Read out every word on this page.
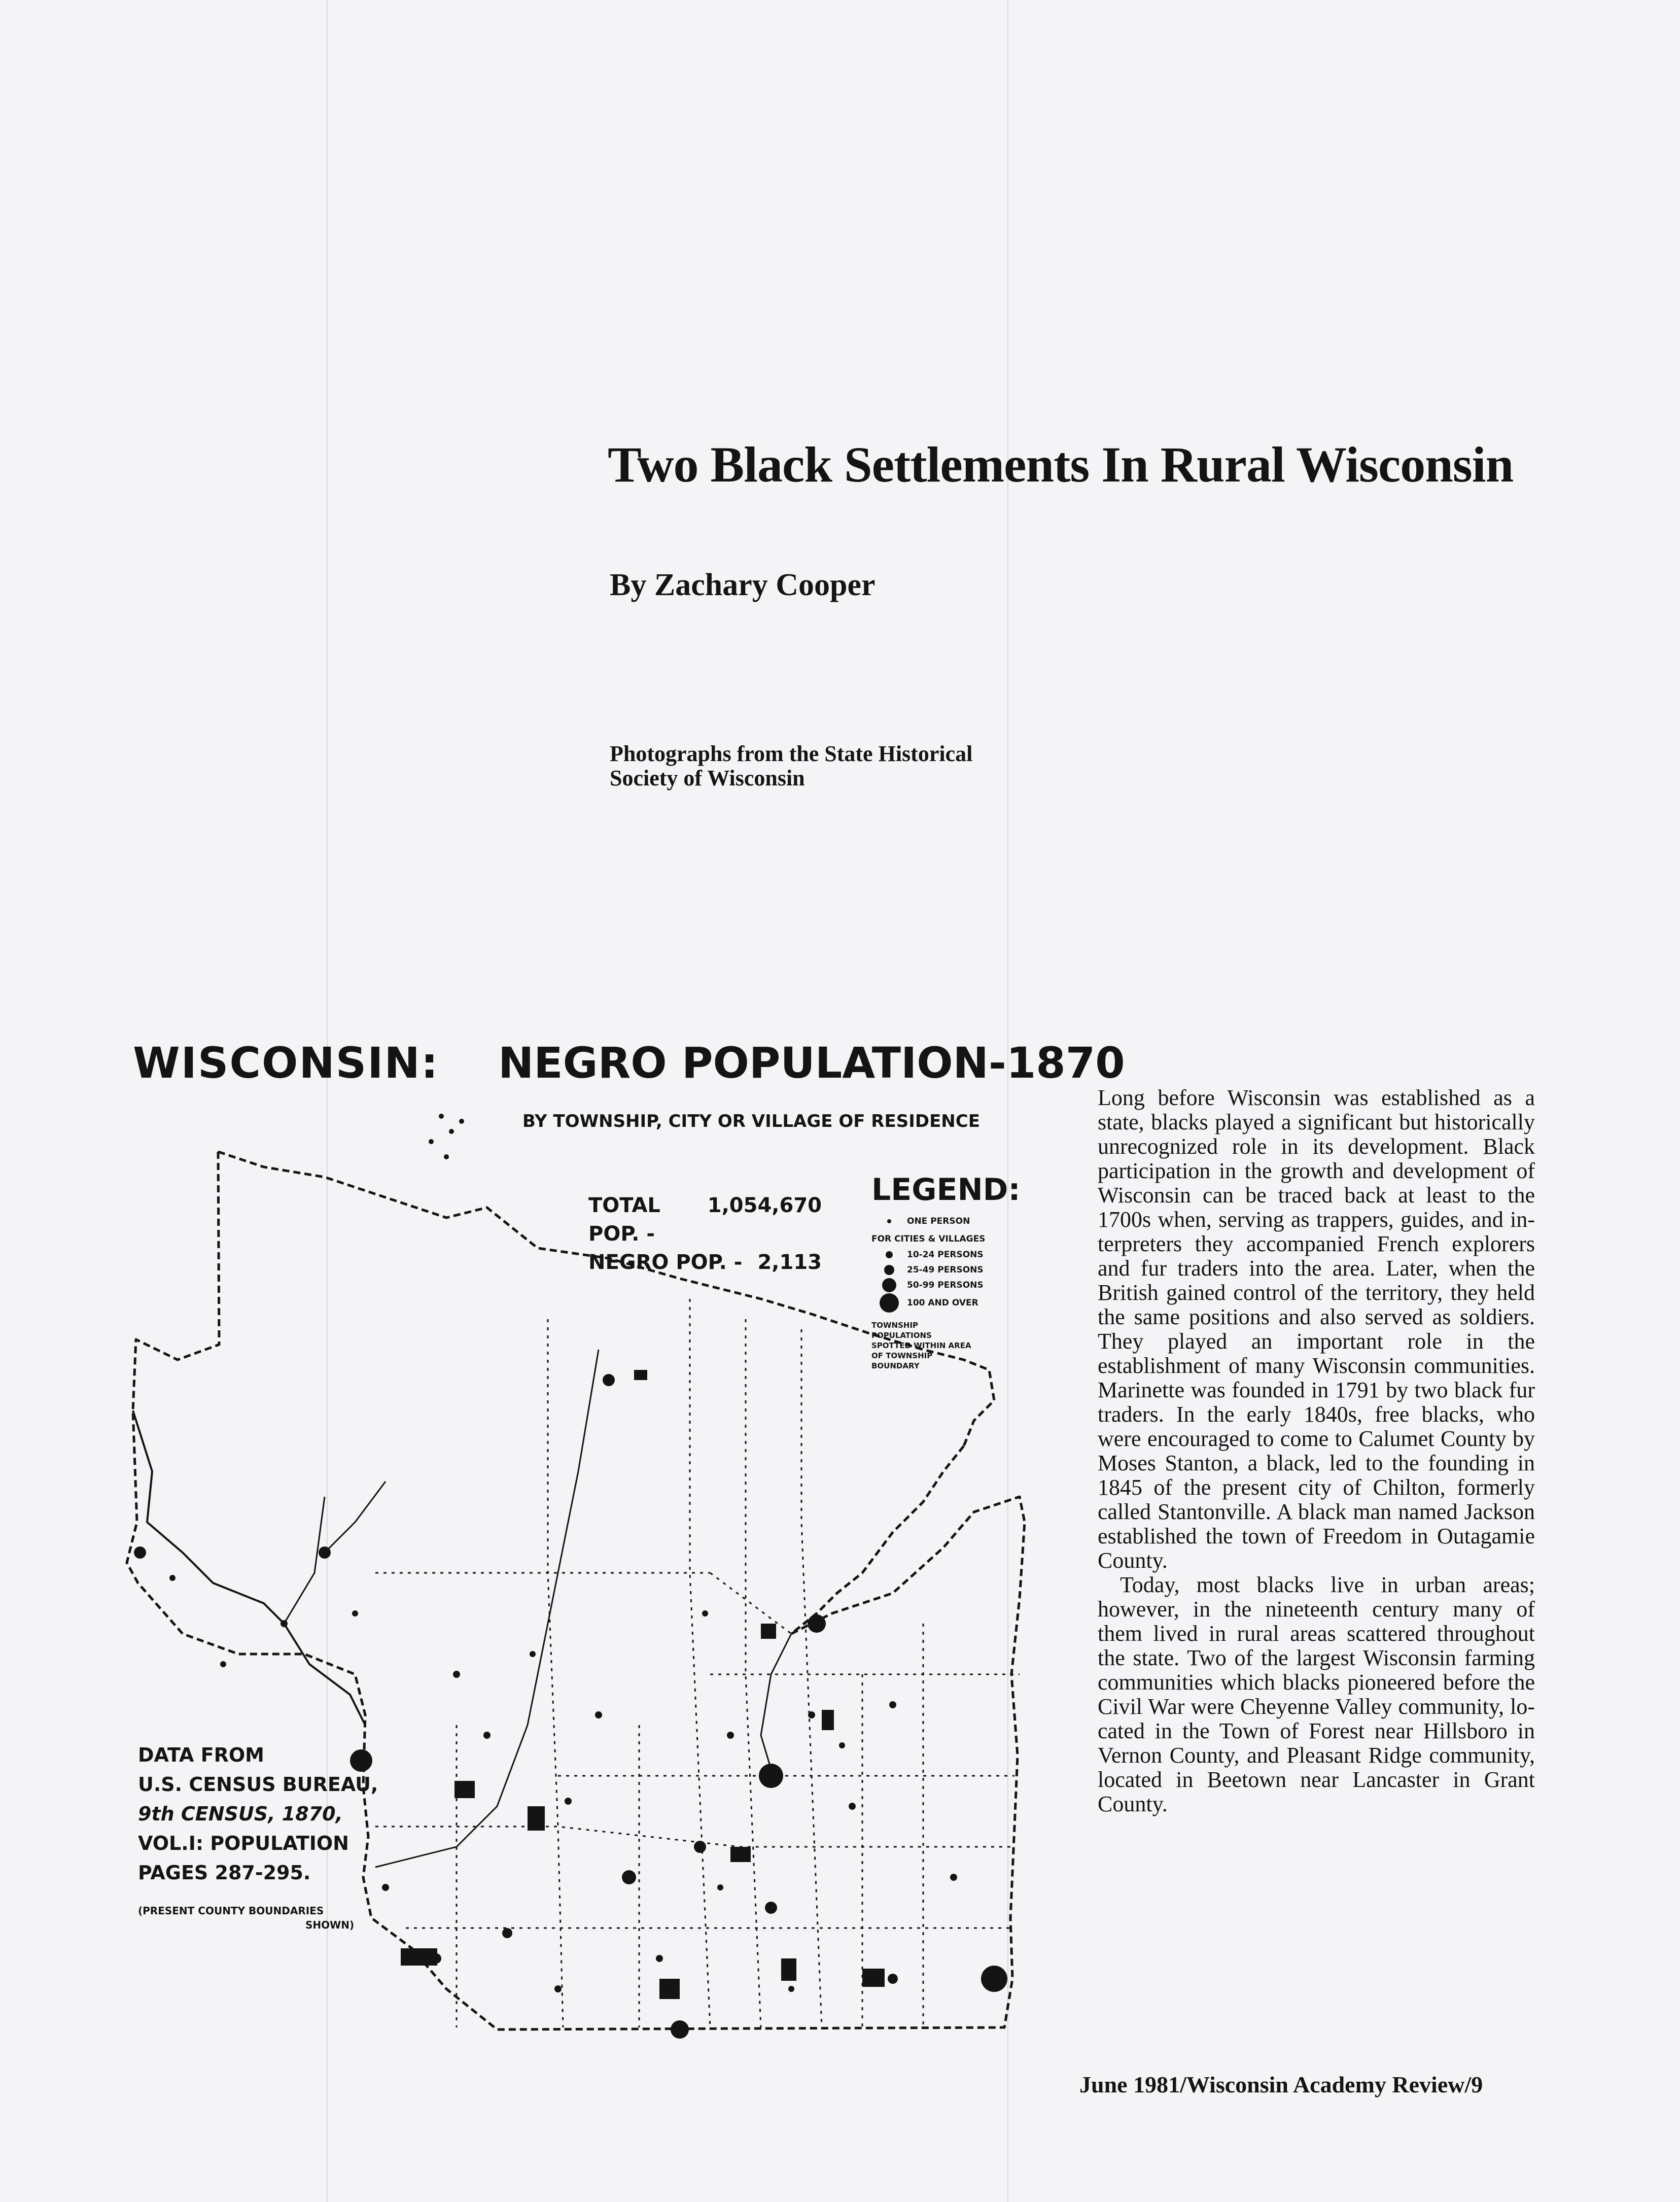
Two Black Settlements In Rural Wisconsin
By Zachary Cooper
Photographs from the State Historical
Society of Wisconsin
WISCONSIN: NEGRO POPULATION-1870
BY TOWNSHIP, CITY OR VILLAGE OF RESIDENCE
TOTAL POP. -
1,054,670
NEGRO POP. - 2,113
LEGEND:
ONE PERSON
FOR CITIES & VILLAGES
10-24 PERSONS
25-49 PERSONS
50-99 PERSONS
100 AND OVER
TOWNSHIP POPULATIONS SPOTTED WITHIN AREA OF TOWNSHIP BOUNDARY
DATA FROM
U.S. CENSUS BUREAU,
9th CENSUS, 1870,
VOL.I: POPULATION
PAGES 287-295.
(PRESENT COUNTY BOUNDARIES
SHOWN)

Long before Wisconsin was established as a state, blacks played a significant but historically unrecognized role in its development. Black participation in the growth and development of Wisconsin can be traced back at least to the 1700s when, serving as trappers, guides, and interpreters they accompanied French explorers and fur traders into the area. Later, when the British gained control of the territory, they held the same positions and also served as soldiers. They played an important role in the establishment of many Wisconsin communities. Marinette was founded in 1791 by two black fur traders. In the early 1840s, free blacks, who were encouraged to come to Calumet County by Moses Stanton, a black, led to the founding in 1845 of the present city of Chilton, formerly called Stantonville. A black man named Jackson established the town of Freedom in Outagamie County.

Today, most blacks live in urban areas; however, in the nineteenth century many of them lived in rural areas scattered throughout the state. Two of the largest Wisconsin farming communities which blacks pioneered before the Civil War were Cheyenne Valley community, located in the Town of Forest near Hillsboro in Vernon County, and Pleasant Ridge community, located in Beetown near Lancaster in Grant County.

June 1981/Wisconsin Academy Review/9
